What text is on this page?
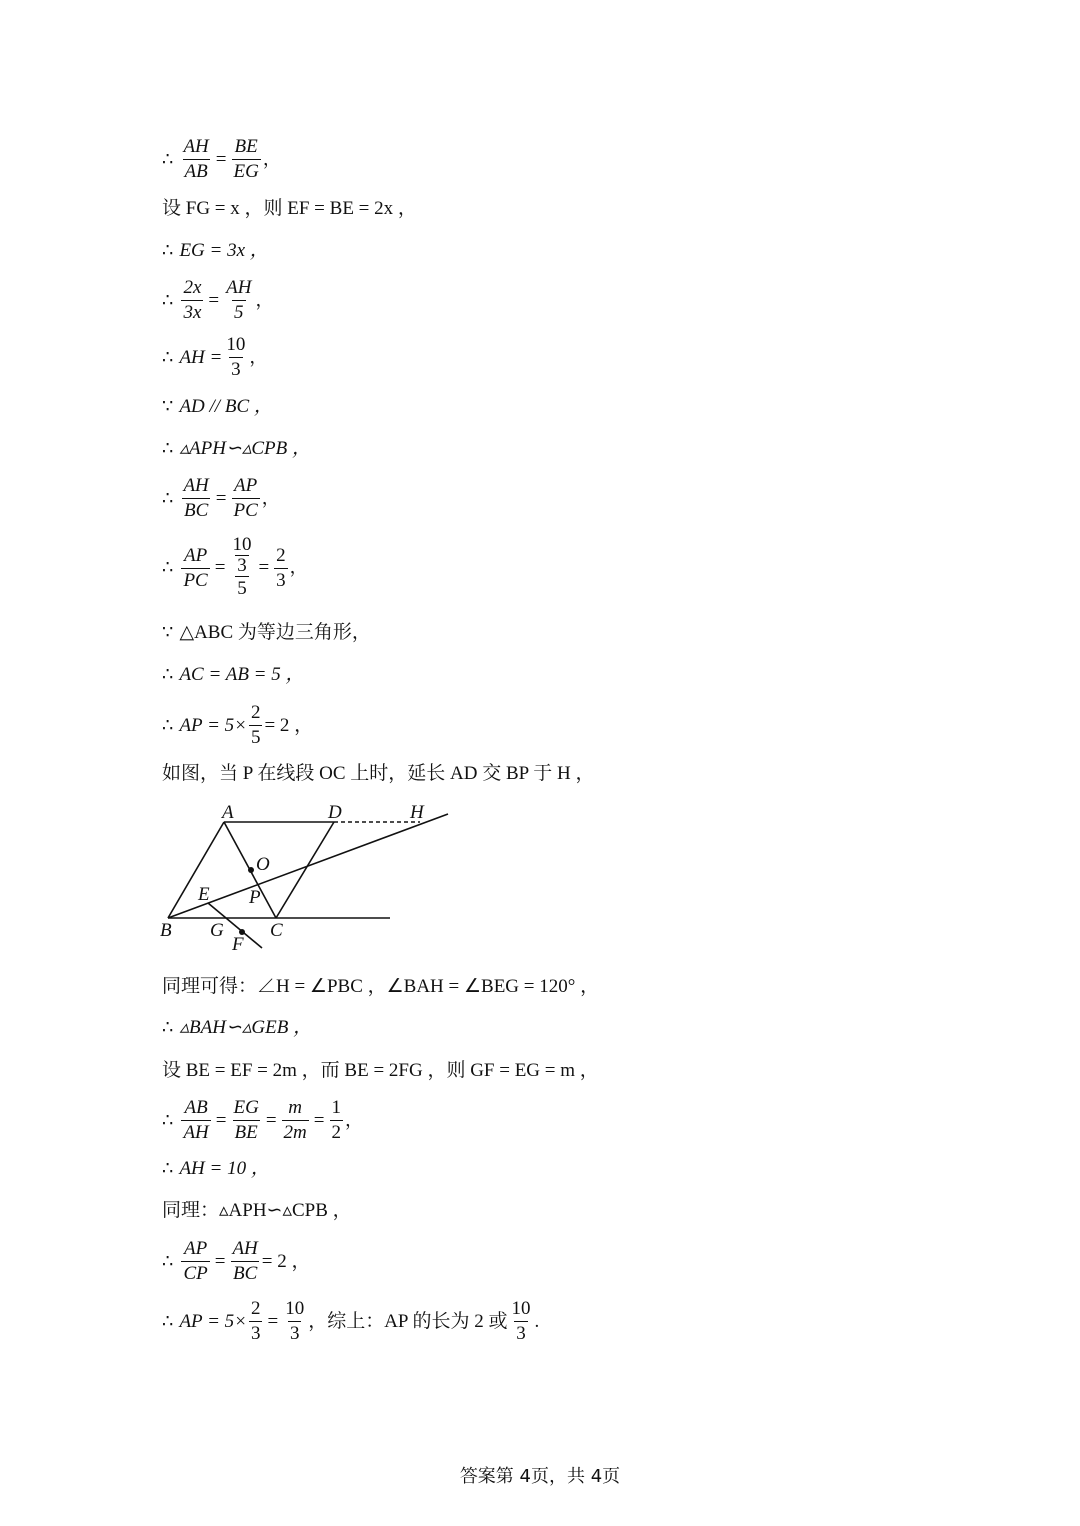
∴ $\frac{AH}{AB} = \frac{BE}{EG}$ ，
设 FG = x ，则 EF = BE = 2x ，
∴ EG = 3x ，
∴ $\frac{2x}{3x} = \frac{AH}{5}$ ，
∴ AH = $\frac{10}{3}$ ，
∵ AD // BC ，
∴ ▵APH∽▵CPB ，
∴ $\frac{AH}{BC} = \frac{AP}{PC}$ ，
∴ $\frac{AP}{PC} = 10$
3
$5 = \frac{2}{3}$ ，
∵ △ABC 为等边三角形，
∴ AC = AB = 5 ，
∴ AP = $5\times \frac{2}{5} = 2$ ，
如图，当 P 在线段 OC 上时，延长 AD 交 BP 于 H ，
A	D	H
O
E P
B G C
F
同理可得：∠H = ∠PBC ，∠BAH = ∠BEG = 120° ，
∴ ▵BAH∽▵GEB ，
设 BE = EF = 2m ，而 BE = 2FG ，则 GF = EG = m ，
∴ $\frac{AB}{AH} = \frac{EG}{BE} = \frac{m}{2m} = \frac{1}{2}$ ，
∴ AH = 10 ，
同理：▵APH∽▵CPB ，
∴ $\frac{AP}{CP} = \frac{AH}{BC} = 2$ ，
∴ AP = $5\times \frac{2}{3} = \frac{10}{3}$ ，综上：AP 的长为 2 或 $\frac{10}{3}$ .
答案第 4页，共 4页
